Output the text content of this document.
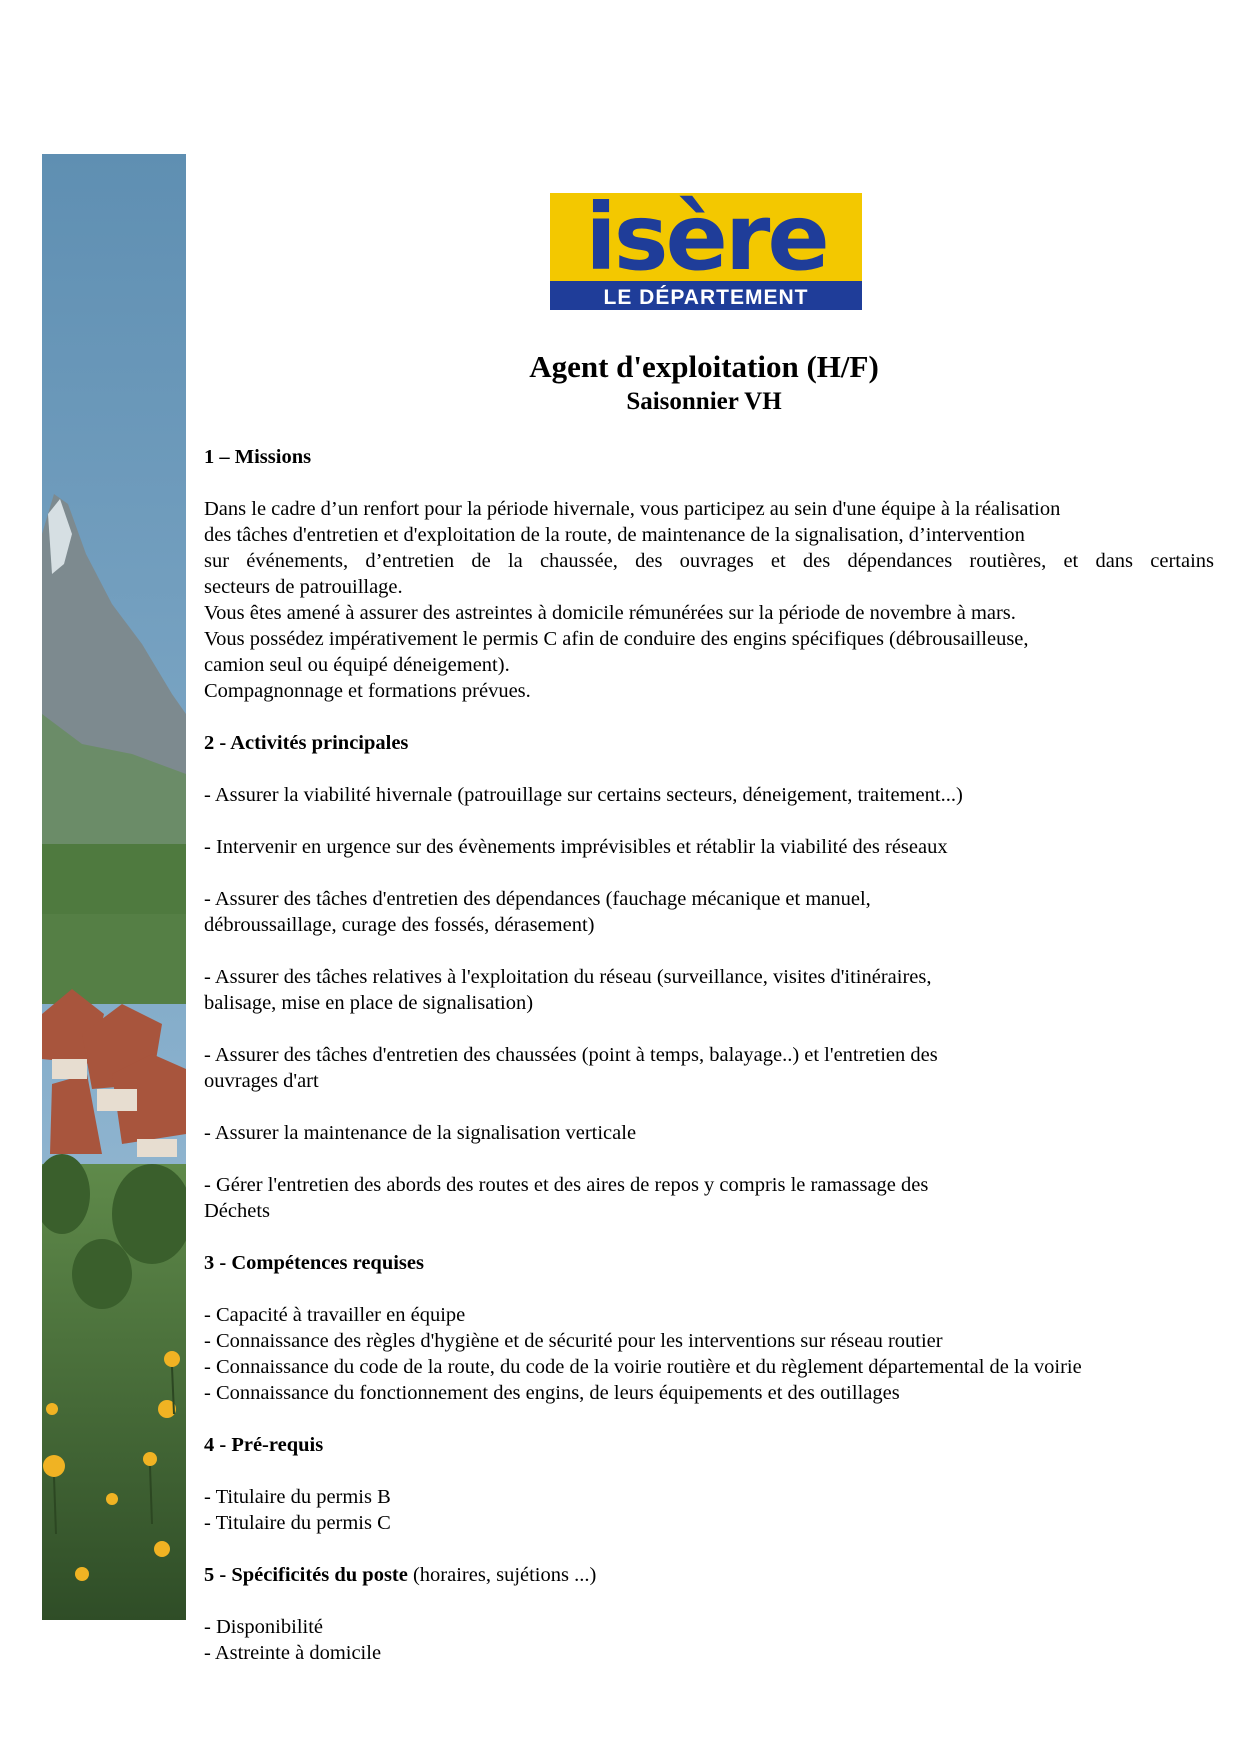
isère
LE DÉPARTEMENT
Agent d'exploitation (H/F)
Saisonnier VH

1 – Missions

Dans le cadre d’un renfort pour la période hivernale, vous participez au sein d'une équipe à la réalisation

des tâches d'entretien et d'exploitation de la route, de maintenance de la signalisation, d’intervention

sur événements, d’entretien de la chaussée, des ouvrages et des dépendances routières, et dans certains

secteurs de patrouillage.

Vous êtes amené à assurer des astreintes à domicile rémunérées sur la période de novembre à mars.

Vous possédez impérativement le permis C afin de conduire des engins spécifiques (débrousailleuse,

camion seul ou équipé déneigement).

Compagnonnage et formations prévues.

2 - Activités principales

- Assurer la viabilité hivernale (patrouillage sur certains secteurs, déneigement, traitement...)

- Intervenir en urgence sur des évènements imprévisibles et rétablir la viabilité des réseaux

- Assurer des tâches d'entretien des dépendances (fauchage mécanique et manuel,

débroussaillage, curage des fossés, dérasement)

- Assurer des tâches relatives à l'exploitation du réseau (surveillance, visites d'itinéraires,

balisage, mise en place de signalisation)

- Assurer des tâches d'entretien des chaussées (point à temps, balayage..) et l'entretien des

ouvrages d'art

- Assurer la maintenance de la signalisation verticale

- Gérer l'entretien des abords des routes et des aires de repos y compris le ramassage des

Déchets

3 - Compétences requises

- Capacité à travailler en équipe

- Connaissance des règles d'hygiène et de sécurité pour les interventions sur réseau routier

- Connaissance du code de la route, du code de la voirie routière et du règlement départemental de la voirie

- Connaissance du fonctionnement des engins, de leurs équipements et des outillages

4 - Pré-requis

- Titulaire du permis B

- Titulaire du permis C

5 - Spécificités du poste (horaires, sujétions ...)

- Disponibilité

- Astreinte à domicile
